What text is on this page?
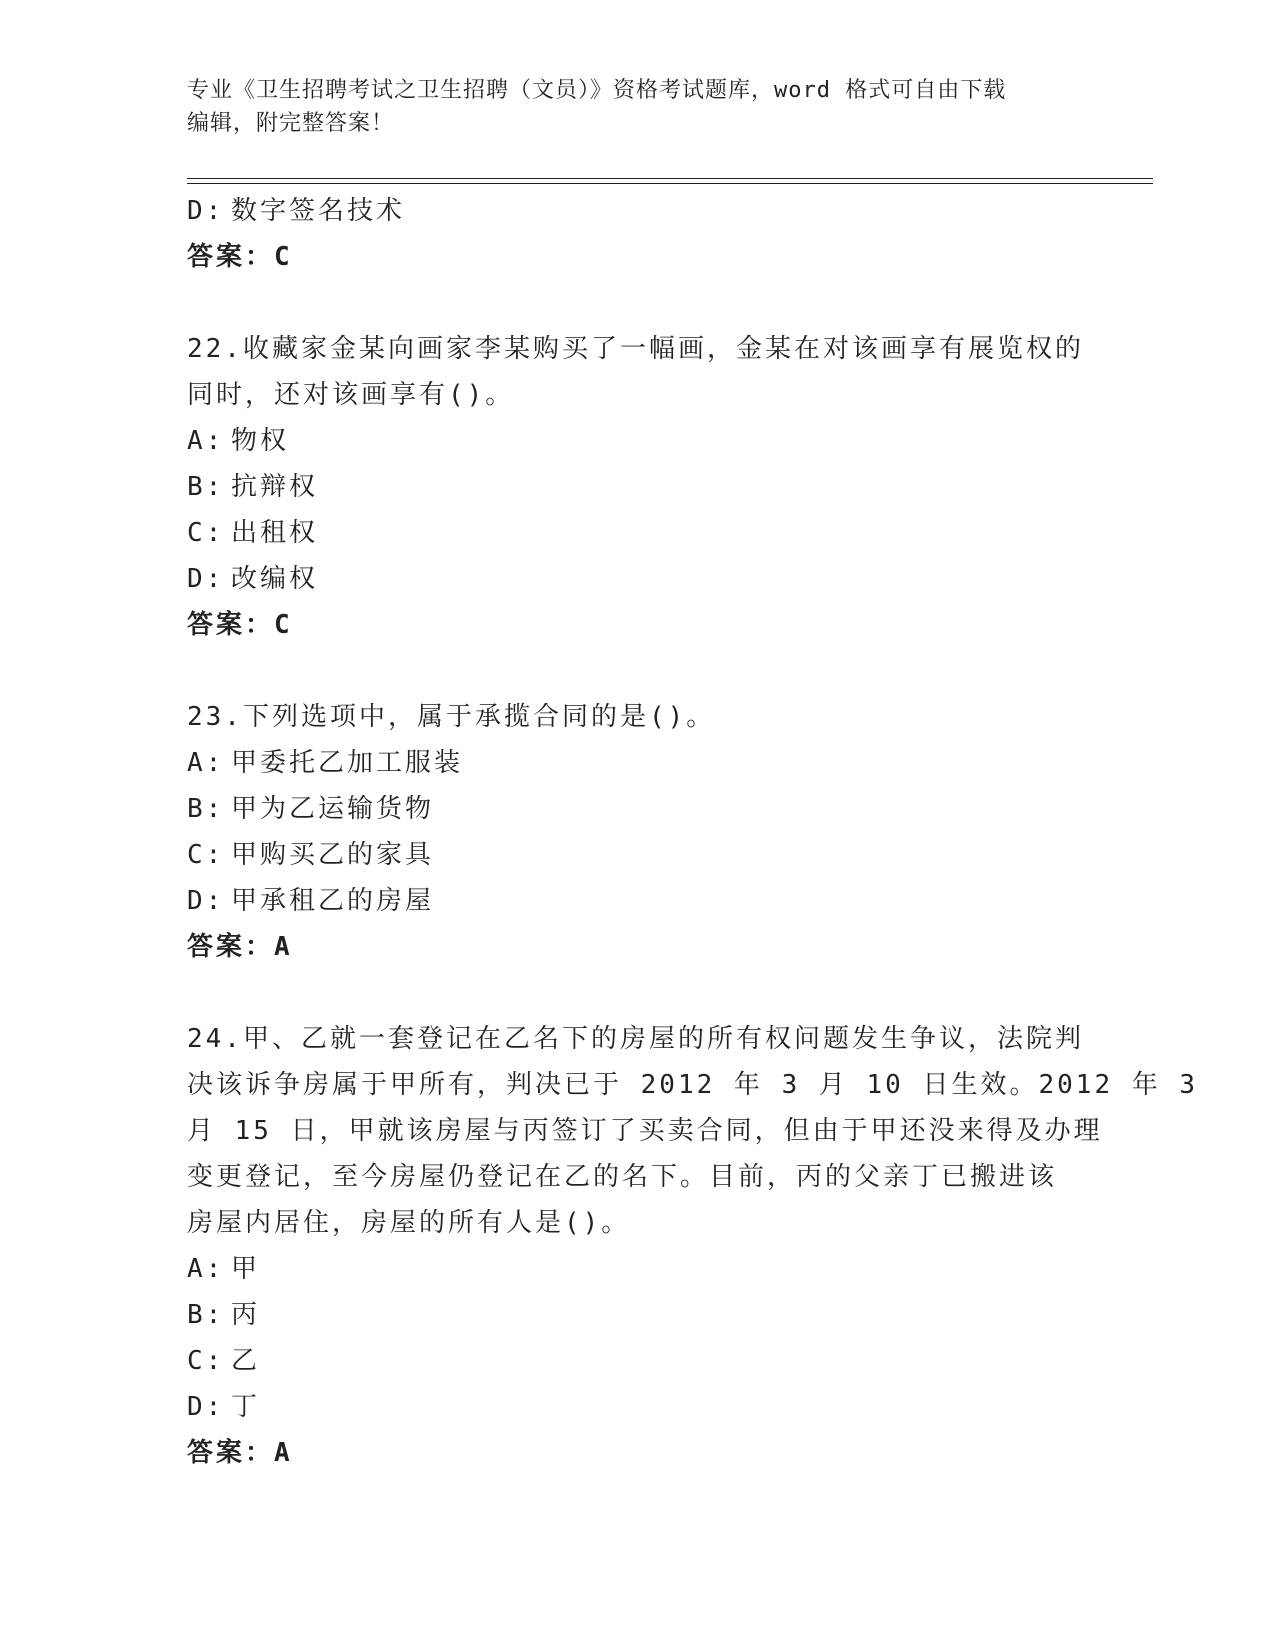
专业《卫生招聘考试之卫生招聘（文员）》资格考试题库，word 格式可自由下载
编辑，附完整答案！
D: 数字签名技术
答案：C
22.收藏家金某向画家李某购买了一幅画，金某在对该画享有展览权的
同时，还对该画享有()。
A: 物权
B: 抗辩权
C: 出租权
D: 改编权
答案：C
23.下列选项中，属于承揽合同的是()。
A: 甲委托乙加工服装
B: 甲为乙运输货物
C: 甲购买乙的家具
D: 甲承租乙的房屋
答案：A
24.甲、乙就一套登记在乙名下的房屋的所有权问题发生争议，法院判
决该诉争房属于甲所有，判决已于 2012 年 3 月 10 日生效。2012 年 3
月 15 日，甲就该房屋与丙签订了买卖合同，但由于甲还没来得及办理
变更登记，至今房屋仍登记在乙的名下。目前，丙的父亲丁已搬进该
房屋内居住，房屋的所有人是()。
A: 甲
B: 丙
C: 乙
D: 丁
答案：A
